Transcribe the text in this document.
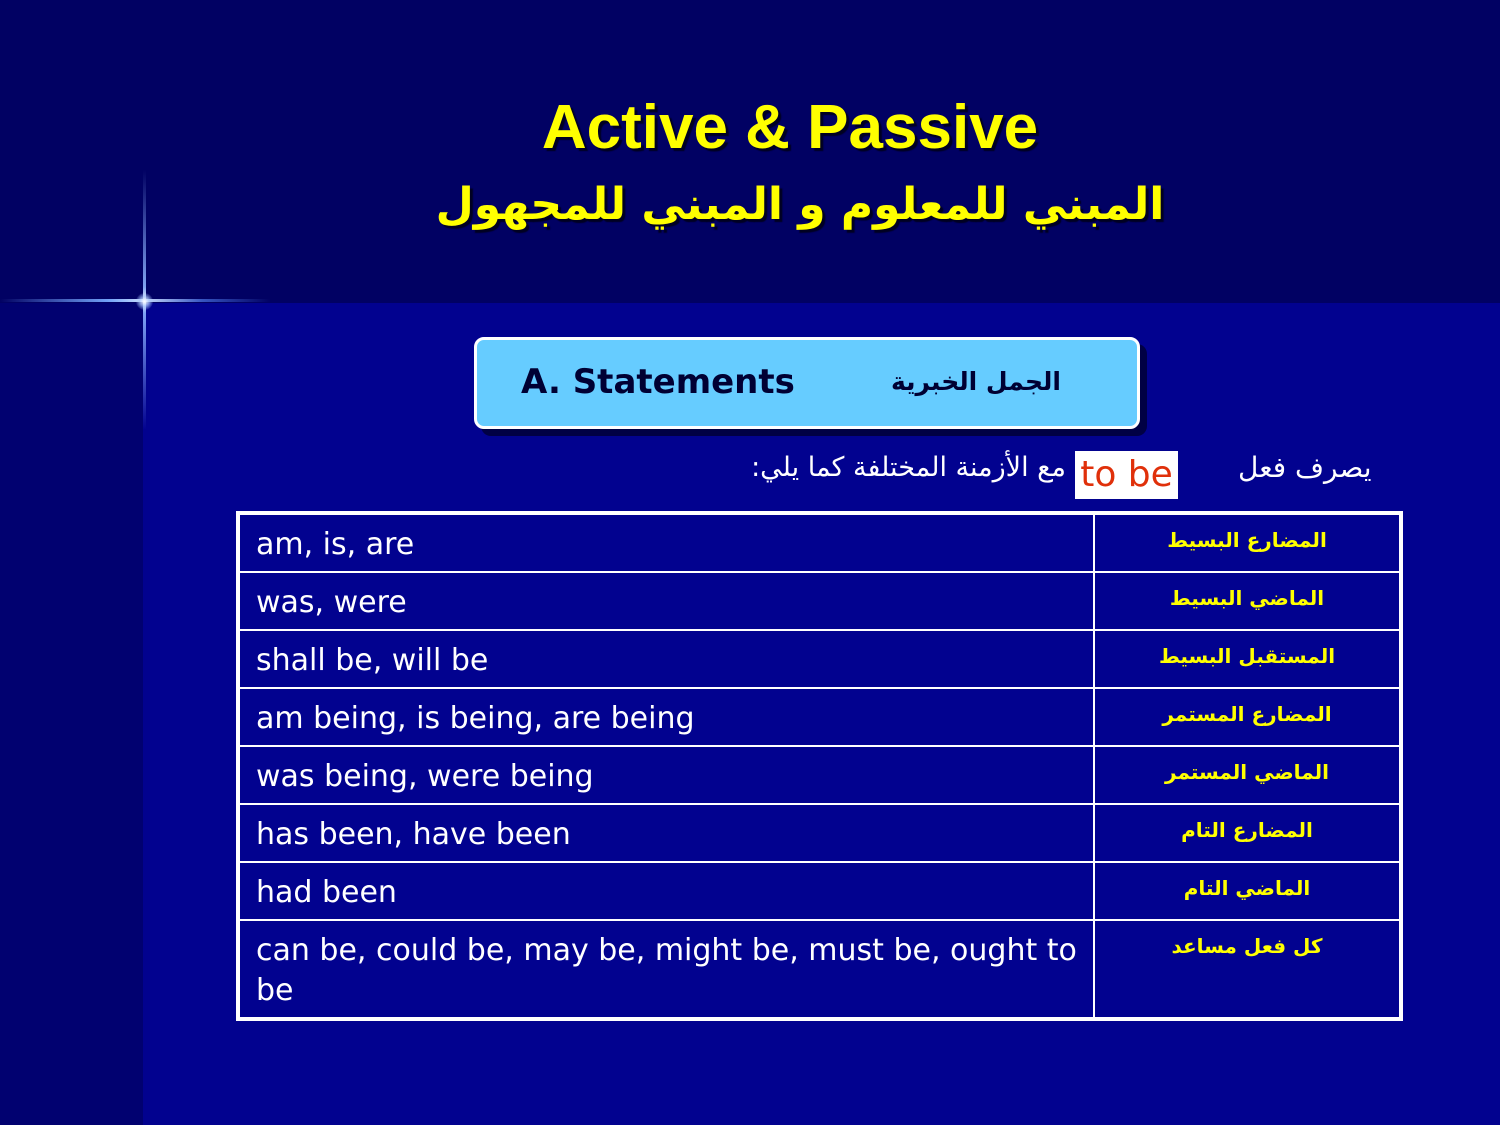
Active & Passive
المبني للمعلوم و المبني للمجهول
A. Statements	الجمل الخبرية
يصرف فعل
to be
مع الأزمنة المختلفة كما يلي:
am, is, are	المضارع البسيط
was, were	الماضي البسيط
shall be, will be	المستقبل البسيط
am being, is being, are being	المضارع المستمر
was being, were being	الماضي المستمر
has been, have been	المضارع التام
had been	الماضي التام
can be, could be, may be, might be, must be, ought to be	كل فعل مساعد
